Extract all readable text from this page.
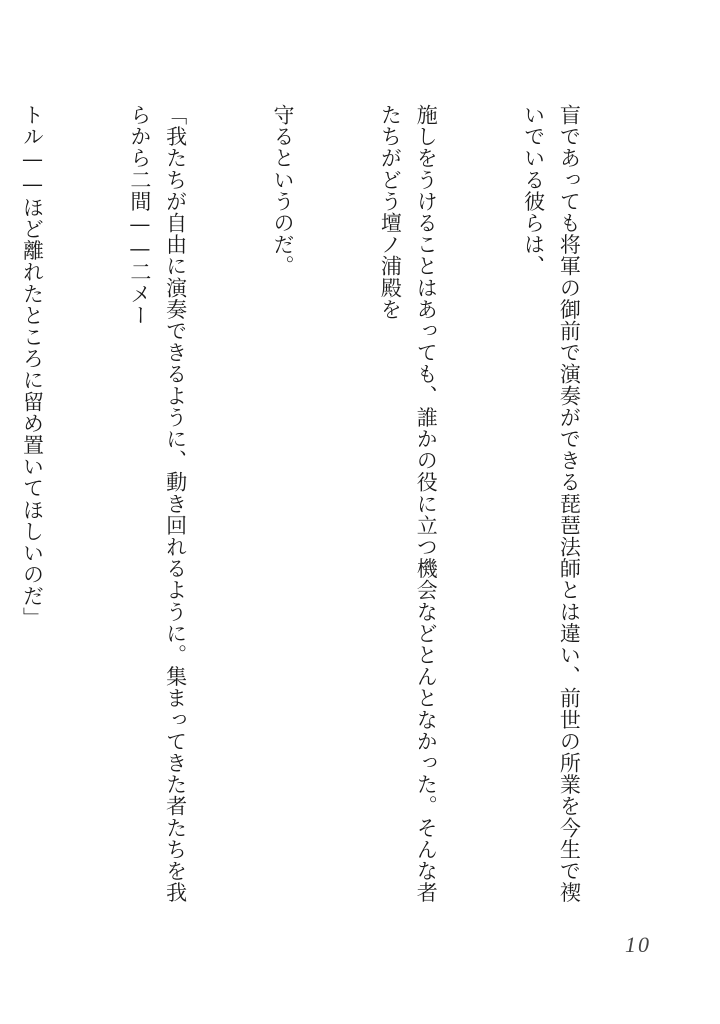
盲であっても将軍の御前で演奏ができる琵琶法師とは違い、前世の所業を今生で禊いでいる彼らは、

施しをうけることはあっても、誰かの役に立つ機会などとんとなかった。そんな者たちがどう壇ノ浦殿を

守るというのだ。

「我たちが自由に演奏できるように、動き回れるように。集まってきた者たちを我らから二間——二メー

トル——ほど離れたところに留め置いてほしいのだ」

10
